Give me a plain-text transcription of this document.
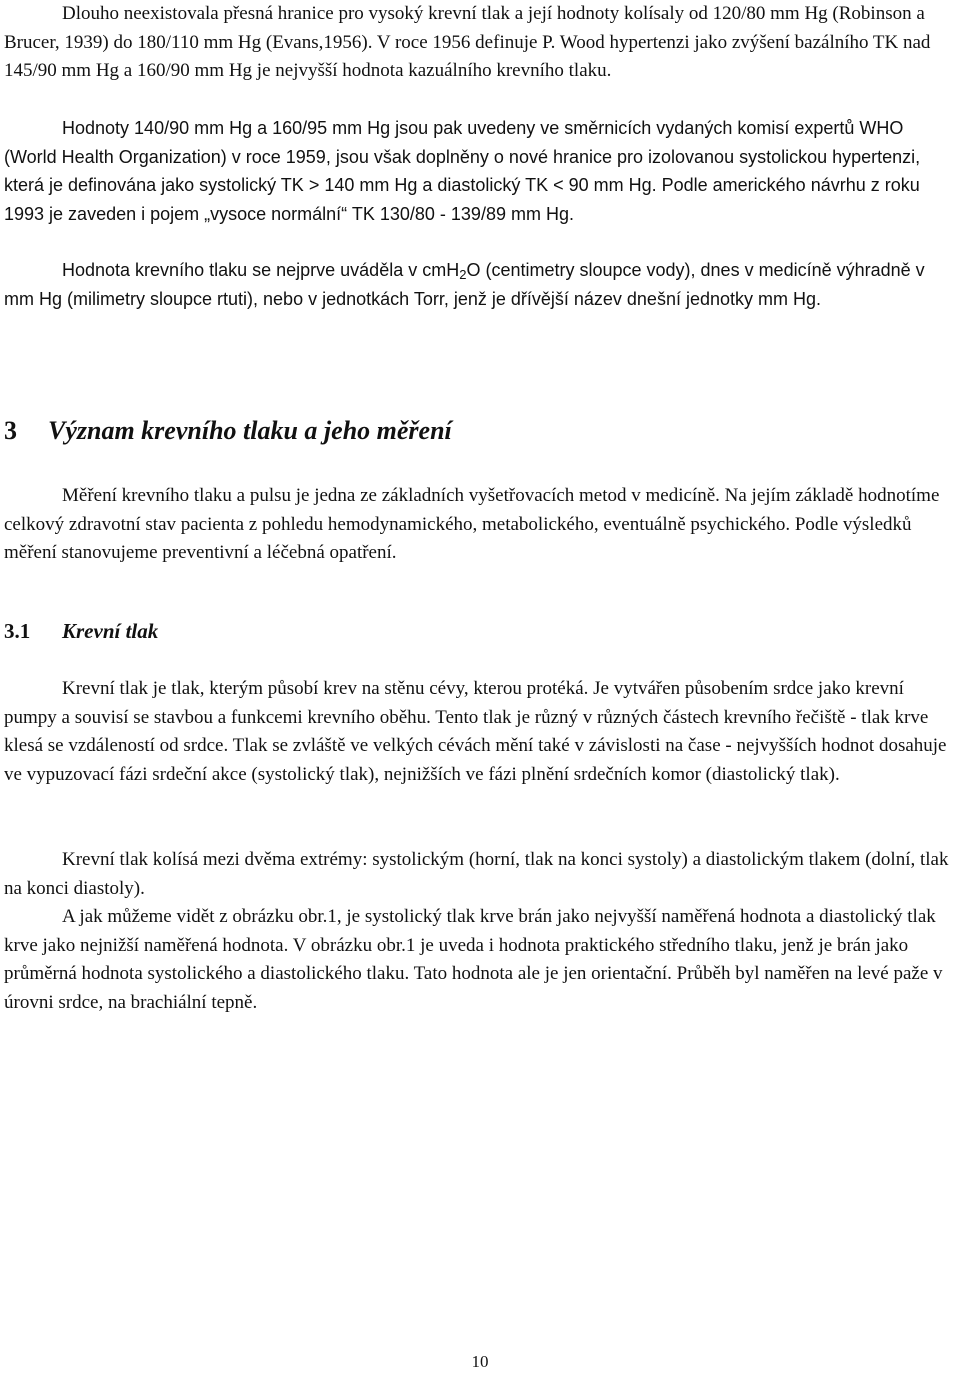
Dlouho neexistovala přesná hranice pro vysoký krevní tlak a její hodnoty kolísaly od 120/80 mm Hg (Robinson a Brucer, 1939) do 180/110 mm Hg (Evans,1956). V roce 1956 definuje P. Wood hypertenzi jako zvýšení bazálního TK nad 145/90 mm Hg a 160/90 mm Hg je nejvyšší hodnota kazuálního krevního tlaku.

Hodnoty 140/90 mm Hg a 160/95 mm Hg jsou pak uvedeny ve směrnicích vydaných komisí expertů WHO (World Health Organization) v roce 1959, jsou však doplněny o nové hranice pro izolovanou systolickou hypertenzi, která je definována jako systolický TK > 140 mm Hg a diastolický TK < 90 mm Hg. Podle amerického návrhu z roku 1993 je zaveden i pojem „vysoce normální“ TK 130/80 - 139/89 mm Hg.

Hodnota krevního tlaku se nejprve uváděla v cmH$_2$O (centimetry sloupce vody), dnes v medicíně výhradně v mm Hg (milimetry sloupce rtuti), nebo v jednotkách Torr, jenž je dřívější název dnešní jednotky mm Hg.

3 Význam krevního tlaku a jeho měření

Měření krevního tlaku a pulsu je jedna ze základních vyšetřovacích metod v medicíně. Na jejím základě hodnotíme celkový zdravotní stav pacienta z pohledu hemodynamického, metabolického, eventuálně psychického. Podle výsledků měření stanovujeme preventivní a léčebná opatření.

3.1 Krevní tlak

Krevní tlak je tlak, kterým působí krev na stěnu cévy, kterou protéká. Je vytvářen působením srdce jako krevní pumpy a souvisí se stavbou a funkcemi krevního oběhu. Tento tlak je různý v různých částech krevního řečiště - tlak krve klesá se vzdáleností od srdce. Tlak se zvláště ve velkých cévách mění také v závislosti na čase - nejvyšších hodnot dosahuje ve vypuzovací fázi srdeční akce (systolický tlak), nejnižších ve fázi plnění srdečních komor (diastolický tlak).

Krevní tlak kolísá mezi dvěma extrémy: systolickým (horní, tlak na konci systoly) a diastolickým tlakem (dolní, tlak na konci diastoly).

A jak můžeme vidět z obrázku obr.1, je systolický tlak krve brán jako nejvyšší naměřená hodnota a diastolický tlak krve jako nejnižší naměřená hodnota. V obrázku obr.1 je uveda i hodnota praktického středního tlaku, jenž je brán jako průměrná hodnota systolického a diastolického tlaku. Tato hodnota ale je jen orientační. Průběh byl naměřen na levé paže v úrovni srdce, na brachiální tepně.

10
